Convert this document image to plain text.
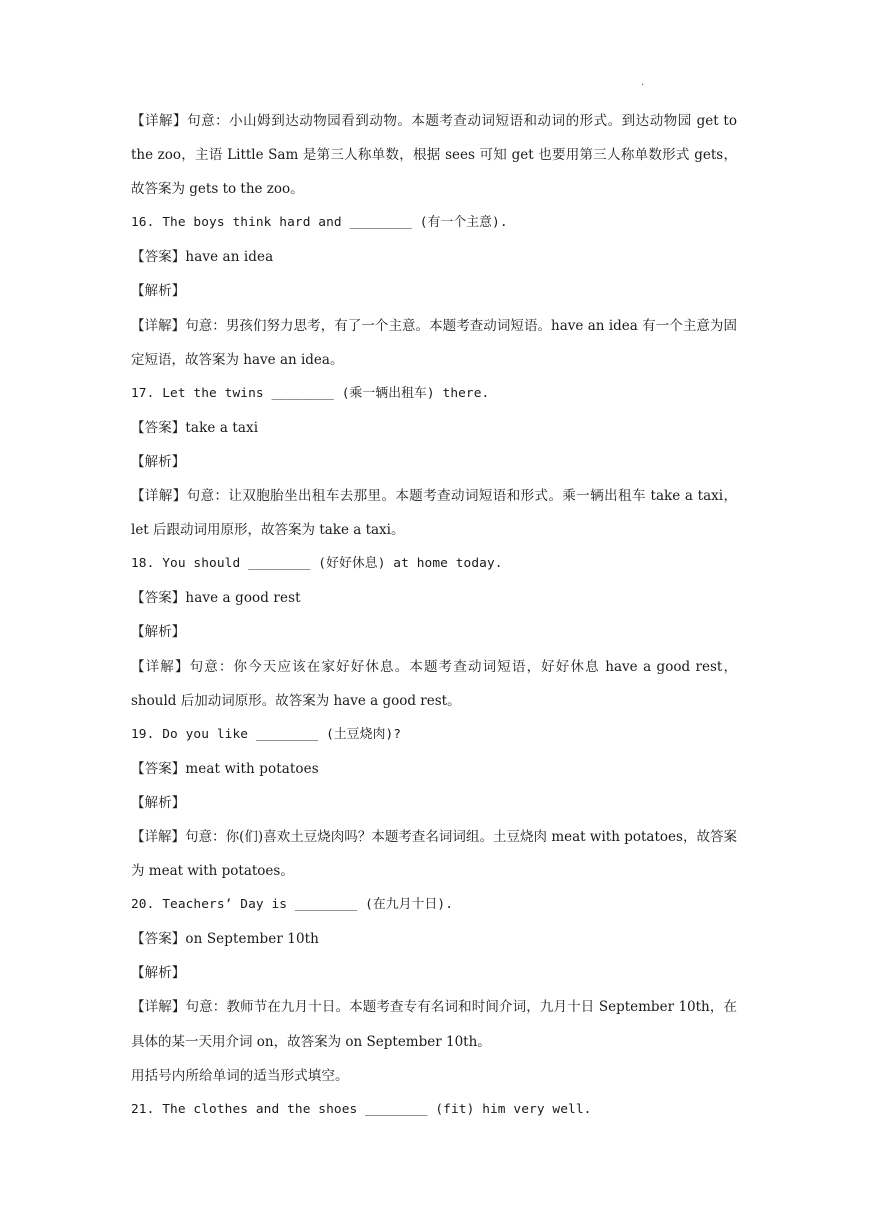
·
【详解】句意：小山姆到达动物园看到动物。本题考查动词短语和动词的形式。到达动物园 get to the zoo，主语 Little Sam 是第三人称单数，根据 sees 可知 get 也要用第三人称单数形式 gets，故答案为 gets to the zoo。
16. The boys think hard and ________ (有一个主意).
【答案】have an idea
【解析】
【详解】句意：男孩们努力思考，有了一个主意。本题考查动词短语。have an idea 有一个主意为固定短语，故答案为 have an idea。
17. Let the twins ________ (乘一辆出租车) there.
【答案】take a taxi
【解析】
【详解】句意：让双胞胎坐出租车去那里。本题考查动词短语和形式。乘一辆出租车 take a taxi，let 后跟动词用原形，故答案为 take a taxi。
18. You should ________ (好好休息) at home today.
【答案】have a good rest
【解析】
【详解】句意：你今天应该在家好好休息。本题考查动词短语，好好休息 have a good rest，should 后加动词原形。故答案为 have a good rest。
19. Do you like ________ (土豆烧肉)?
【答案】meat with potatoes
【解析】
【详解】句意：你(们)喜欢土豆烧肉吗？本题考查名词词组。土豆烧肉 meat with potatoes，故答案为 meat with potatoes。
20. Teachers’ Day is ________ (在九月十日).
【答案】on September 10th
【解析】
【详解】句意：教师节在九月十日。本题考查专有名词和时间介词，九月十日 September 10th，在具体的某一天用介词 on，故答案为 on September 10th。
用括号内所给单词的适当形式填空。
21. The clothes and the shoes ________ (fit) him very well.
